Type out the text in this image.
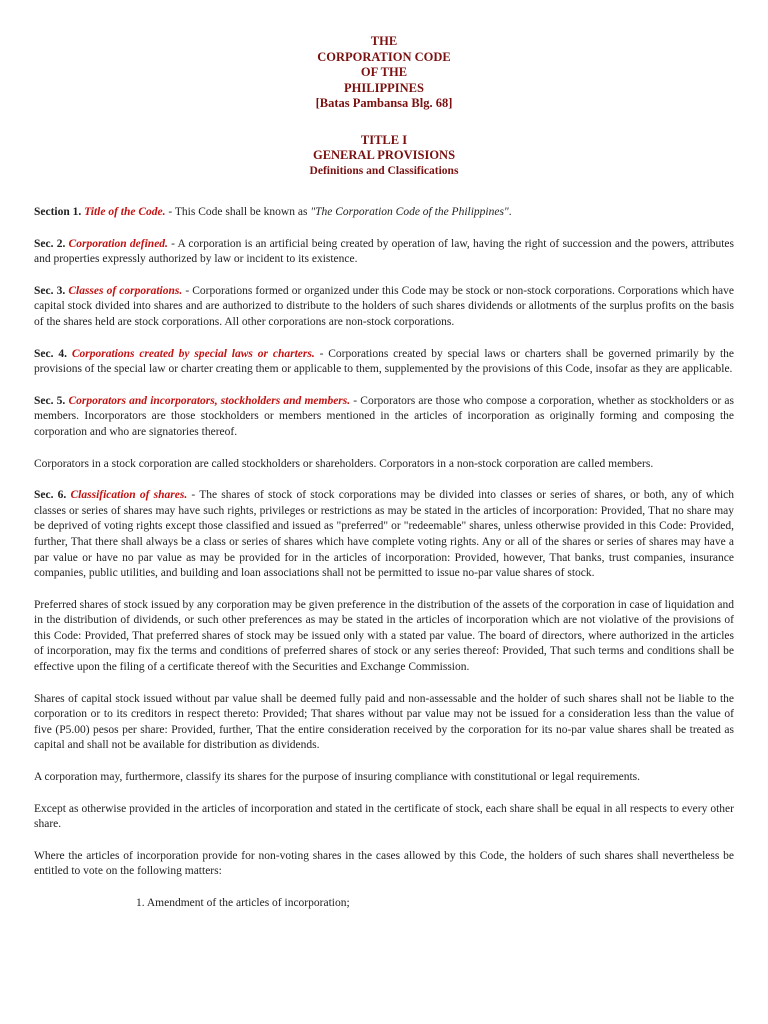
THE
CORPORATION CODE
OF THE
PHILIPPINES
[Batas Pambansa Blg. 68]
TITLE I
GENERAL PROVISIONS
Definitions and Classifications

Section 1. Title of the Code. - This Code shall be known as "The Corporation Code of the Philippines".

Sec. 2. Corporation defined. - A corporation is an artificial being created by operation of law, having the right of succession and the powers, attributes and properties expressly authorized by law or incident to its existence.

Sec. 3. Classes of corporations. - Corporations formed or organized under this Code may be stock or non-stock corporations. Corporations which have capital stock divided into shares and are authorized to distribute to the holders of such shares dividends or allotments of the surplus profits on the basis of the shares held are stock corporations. All other corporations are non-stock corporations.

Sec. 4. Corporations created by special laws or charters. - Corporations created by special laws or charters shall be governed primarily by the provisions of the special law or charter creating them or applicable to them, supplemented by the provisions of this Code, insofar as they are applicable.

Sec. 5. Corporators and incorporators, stockholders and members. - Corporators are those who compose a corporation, whether as stockholders or as members. Incorporators are those stockholders or members mentioned in the articles of incorporation as originally forming and composing the corporation and who are signatories thereof.

Corporators in a stock corporation are called stockholders or shareholders. Corporators in a non-stock corporation are called members.

Sec. 6. Classification of shares. - The shares of stock of stock corporations may be divided into classes or series of shares, or both, any of which classes or series of shares may have such rights, privileges or restrictions as may be stated in the articles of incorporation: Provided, That no share may be deprived of voting rights except those classified and issued as "preferred" or "redeemable" shares, unless otherwise provided in this Code: Provided, further, That there shall always be a class or series of shares which have complete voting rights. Any or all of the shares or series of shares may have a par value or have no par value as may be provided for in the articles of incorporation: Provided, however, That banks, trust companies, insurance companies, public utilities, and building and loan associations shall not be permitted to issue no-par value shares of stock.

Preferred shares of stock issued by any corporation may be given preference in the distribution of the assets of the corporation in case of liquidation and in the distribution of dividends, or such other preferences as may be stated in the articles of incorporation which are not violative of the provisions of this Code: Provided, That preferred shares of stock may be issued only with a stated par value. The board of directors, where authorized in the articles of incorporation, may fix the terms and conditions of preferred shares of stock or any series thereof: Provided, That such terms and conditions shall be effective upon the filing of a certificate thereof with the Securities and Exchange Commission.

Shares of capital stock issued without par value shall be deemed fully paid and non-assessable and the holder of such shares shall not be liable to the corporation or to its creditors in respect thereto: Provided; That shares without par value may not be issued for a consideration less than the value of five (P5.00) pesos per share: Provided, further, That the entire consideration received by the corporation for its no-par value shares shall be treated as capital and shall not be available for distribution as dividends.

A corporation may, furthermore, classify its shares for the purpose of insuring compliance with constitutional or legal requirements.

Except as otherwise provided in the articles of incorporation and stated in the certificate of stock, each share shall be equal in all respects to every other share.

Where the articles of incorporation provide for non-voting shares in the cases allowed by this Code, the holders of such shares shall nevertheless be entitled to vote on the following matters:

1. Amendment of the articles of incorporation;
